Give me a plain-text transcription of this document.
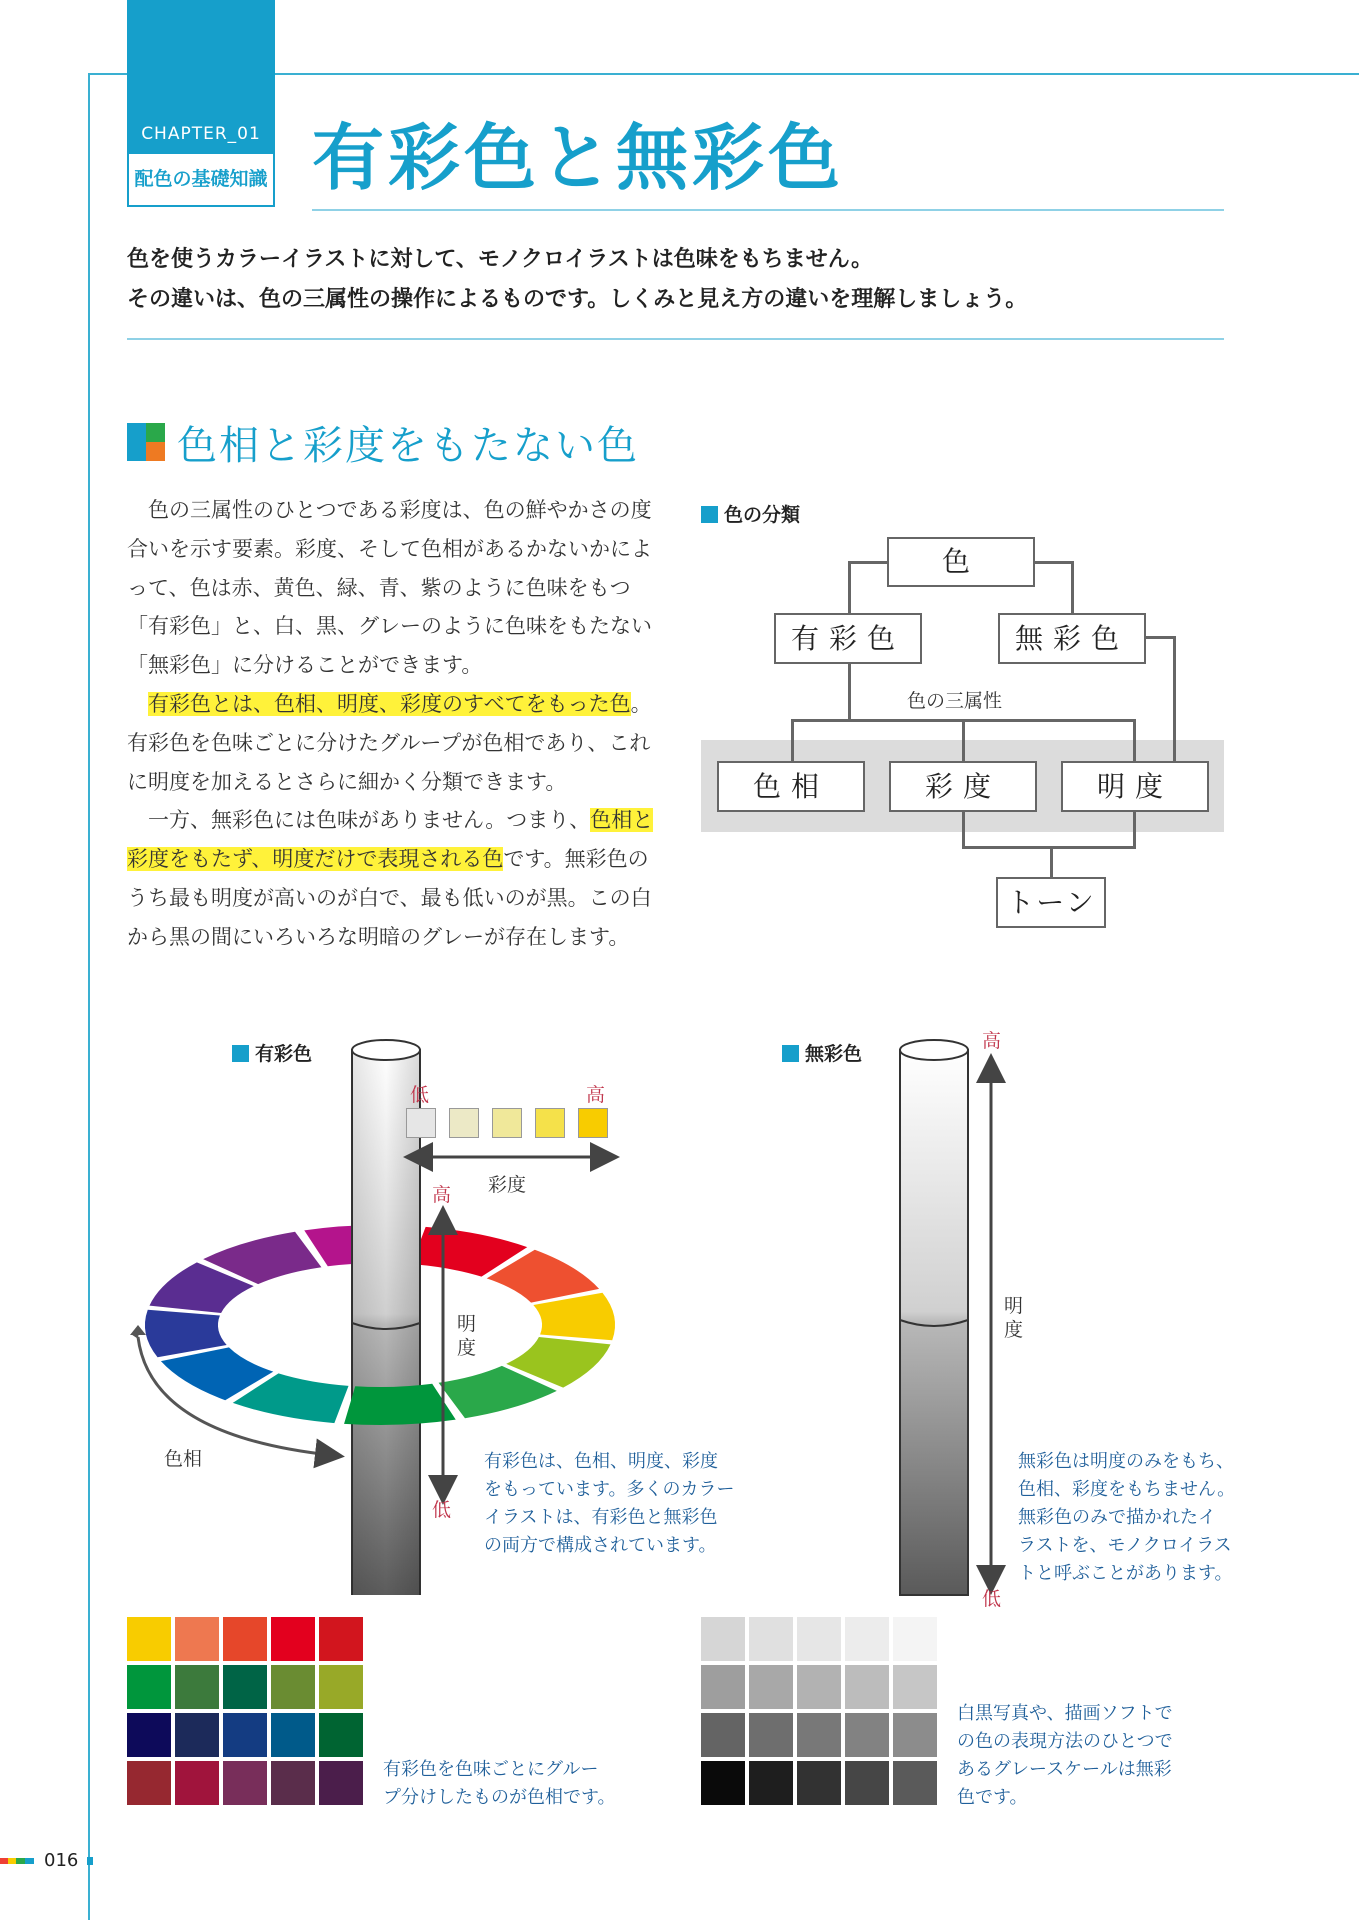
CHAPTER_01
配色の基礎知識 有彩色と無彩色
色を使うカラーイラストに対して、モノクロイラストは色味をもちません。
その違いは、色の三属性の操作によるものです。しくみと見え方の違いを理解しましょう。
色相と彩度をもたない色

　色の三属性のひとつである彩度は、色の鮮やかさの度合いを示す要素。彩度、そして色相があるかないかによって、色は赤、黄色、緑、青、紫のように色味をもつ「有彩色」と、白、黒、グレーのように色味をもたない「無彩色」に分けることができます。

　有彩色とは、色相、明度、彩度のすべてをもった色。有彩色を色味ごとに分けたグループが色相であり、これに明度を加えるとさらに細かく分類できます。

　一方、無彩色には色味がありません。つまり、色相と彩度をもたず、明度だけで表現される色です。無彩色のうち最も明度が高いのが白で、最も低いのが黒。この白から黒の間にいろいろな明暗のグレーが存在します。

色の分類
色
有彩色	無彩色
色の三属性
色相	彩度	明度
トーン
有彩色
低	高
彩度
高
明度
低
色相	有彩色は、色相、明度、彩度
をもっています。多くのカラー
イラストは、有彩色と無彩色
の両方で構成されています。
無彩色
高
低
明度
無彩色は明度のみをもち、
色相、彩度をもちません。
無彩色のみで描かれたイ
ラストを、モノクロイラス
トと呼ぶことがあります。
有彩色を色味ごとにグルー
プ分けしたものが色相です。
白黒写真や、描画ソフトで
の色の表現方法のひとつで
あるグレースケールは無彩
色です。
016
